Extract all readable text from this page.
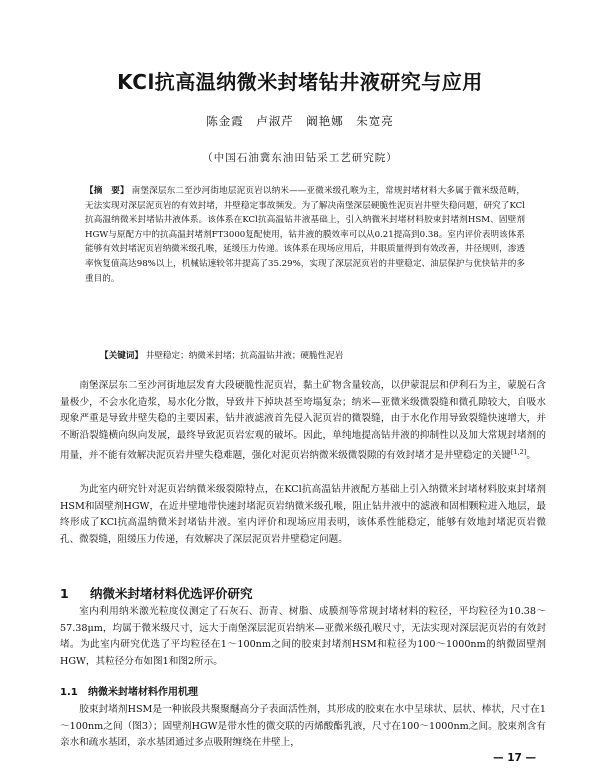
KCl抗高温纳微米封堵钻井液研究与应用
陈金霞　卢淑芹　阚艳娜　朱宽亮
（中国石油冀东油田钻采工艺研究院）
【摘　要】 南堡深层东二至沙河街地层泥页岩以纳米——亚微米级孔喉为主，常规封堵材料大多属于微米级范畴，无法实现对深层泥页岩的有效封堵，井壁稳定事故频发。为了解决南堡深层硬脆性泥页岩井壁失稳问题，研究了KCl抗高温纳微米封堵钻井液体系。该体系在KCl抗高温钻井液基础上，引入纳微米封堵材料胶束封堵剂HSM、固壁剂HGW与原配方中的抗高温封堵剂FT3000复配使用，钻井液的膜效率可以从0.21提高到0.38。室内评价表明该体系能够有效封堵泥页岩纳微米级孔喉，延缓压力传递。该体系在现场应用后，井眼质量得到有效改善，井径规则，渗透率恢复值高达98%以上，机械钻速较邻井提高了35.29%，实现了深层泥页岩的井壁稳定、油层保护与优快钻井的多重目的。
【关键词】 井壁稳定；纳微米封堵；抗高温钻井液；硬脆性泥岩
南堡深层东二至沙河街地层发育大段硬脆性泥页岩，黏土矿物含量较高，以伊蒙混层和伊利石为主，蒙脱石含量极少，不会水化造浆，易水化分散，导致井下掉块甚至垮塌复杂；纳米—亚微米级微裂缝和微孔隙较大，自吸水现象严重是导致井壁失稳的主要因素，钻井液滤液首先侵入泥页岩的微裂缝，由于水化作用导致裂缝快速增大，并不断沿裂缝横向纵向发展，最终导致泥页岩宏观的破坏。因此，单纯地提高钻井液的抑制性以及加大常规封堵剂的用量，并不能有效解决泥页岩井壁失稳难题，强化对泥页岩纳微米级微裂隙的有效封堵才是井壁稳定的关键[1,2]。
为此室内研究针对泥页岩纳微米级裂隙特点，在KCl抗高温钻井液配方基础上引入纳微米封堵材料胶束封堵剂HSM和固壁剂HGW，在近井壁地带快速封堵泥页岩纳微米级孔喉，阻止钻井液中的滤液和固相颗粒进入地层，最终形成了KCl抗高温纳微米封堵钻井液。室内评价和现场应用表明，该体系性能稳定，能够有效地封堵泥页岩微孔、微裂缝，阻缓压力传递，有效解决了深层泥页岩井壁稳定问题。
1 纳微米封堵材料优选评价研究
室内利用纳米激光粒度仪测定了石灰石、沥青、树脂、成膜剂等常规封堵材料的粒径，平均粒径为10.38～57.38μm，均属于微米级尺寸，远大于南堡深层泥页岩纳米—亚微米级孔喉尺寸，无法实现对深层泥页岩的有效封堵。为此室内研究优选了平均粒径在1～100nm之间的胶束封堵剂HSM和粒径为100～1000nm的纳微固壁剂HGW，其粒径分布如图1和图2所示。
1.1 纳微米封堵材料作用机理
胶束封堵剂HSM是一种嵌段共聚聚醚高分子表面活性剂，其形成的胶束在水中呈球状、层状、棒状，尺寸在1～100nm之间（图3）；固壁剂HGW是带水性的微交联的丙烯酸酯乳液，尺寸在100～1000nm之间。胶束剂含有亲水和疏水基团，亲水基团通过多点吸附缠绕在井壁上，
— 17 —
